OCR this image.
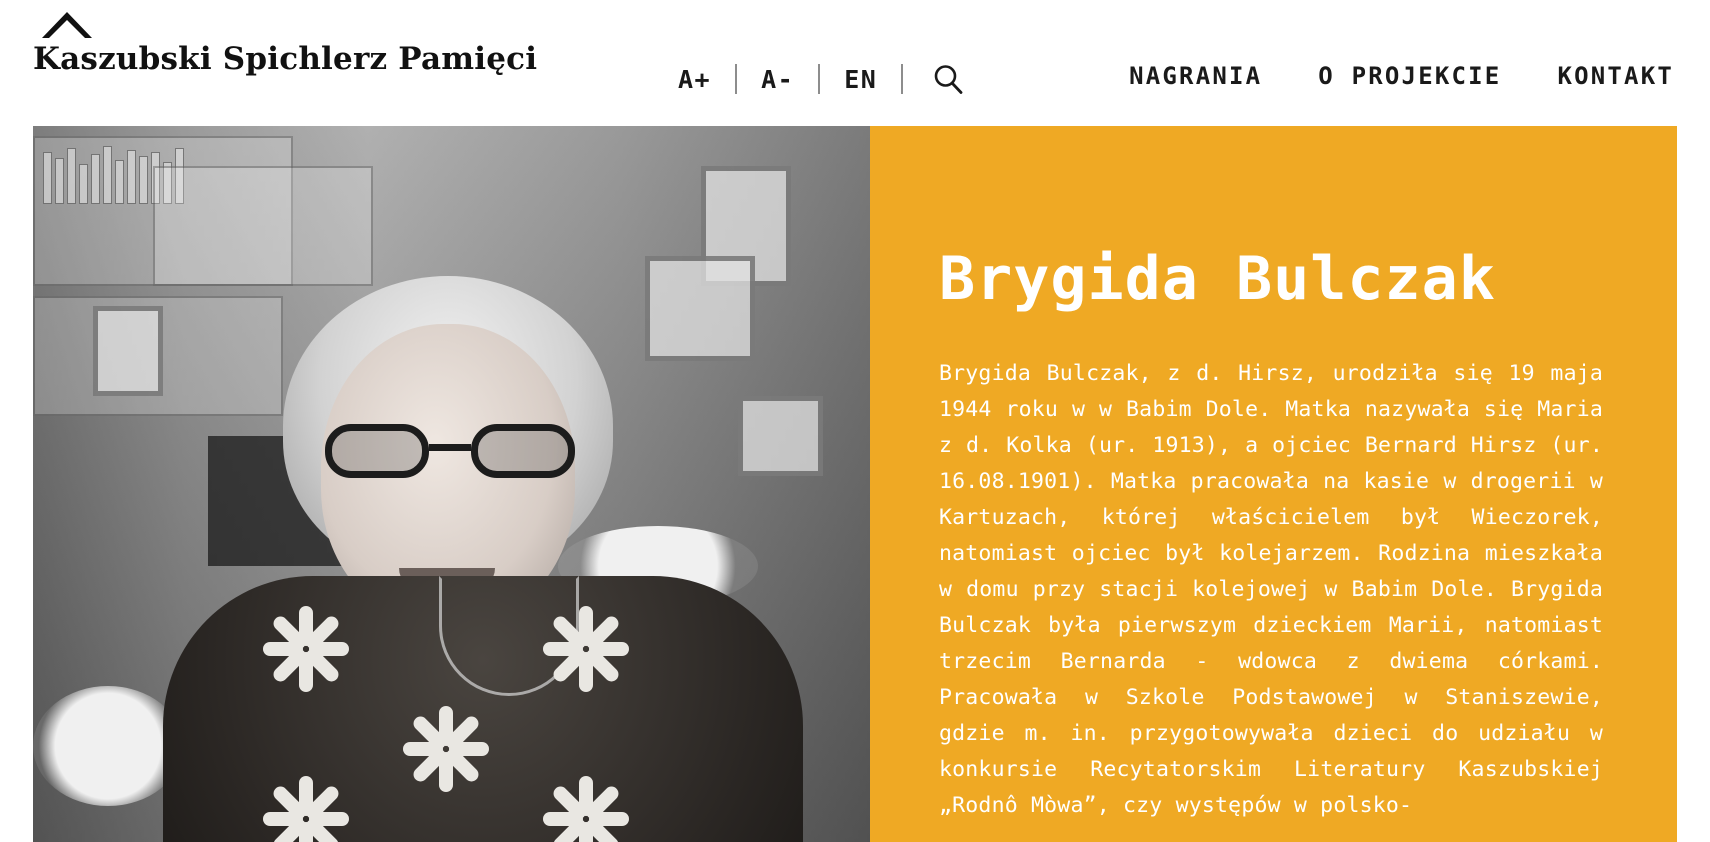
Kaszubski Spichlerz Pamięci
A+	A-	EN	NAGRANIA O PROJEKCIE KONTAKT
Brygida Bulczak

Brygida Bulczak, z d. Hirsz, urodziła się 19 maja 1944 roku w w Babim Dole. Matka nazywała się Maria z d. Kolka (ur. 1913), a ojciec Bernard Hirsz (ur. 16.08.1901). Matka pracowała na kasie w drogerii w Kartuzach, której właścicielem był Wieczorek, natomiast ojciec był kolejarzem. Rodzina mieszkała w domu przy stacji kolejowej w Babim Dole. Brygida Bulczak była pierwszym dzieckiem Marii, natomiast trzecim Bernarda - wdowca z dwiema córkami. Pracowała w Szkole Podstawowej w Staniszewie, gdzie m. in. przygotowywała dzieci do udziału w konkursie Recytatorskim Literatury Kaszubskiej „Rodnô Mòwa”, czy występów w polsko-
